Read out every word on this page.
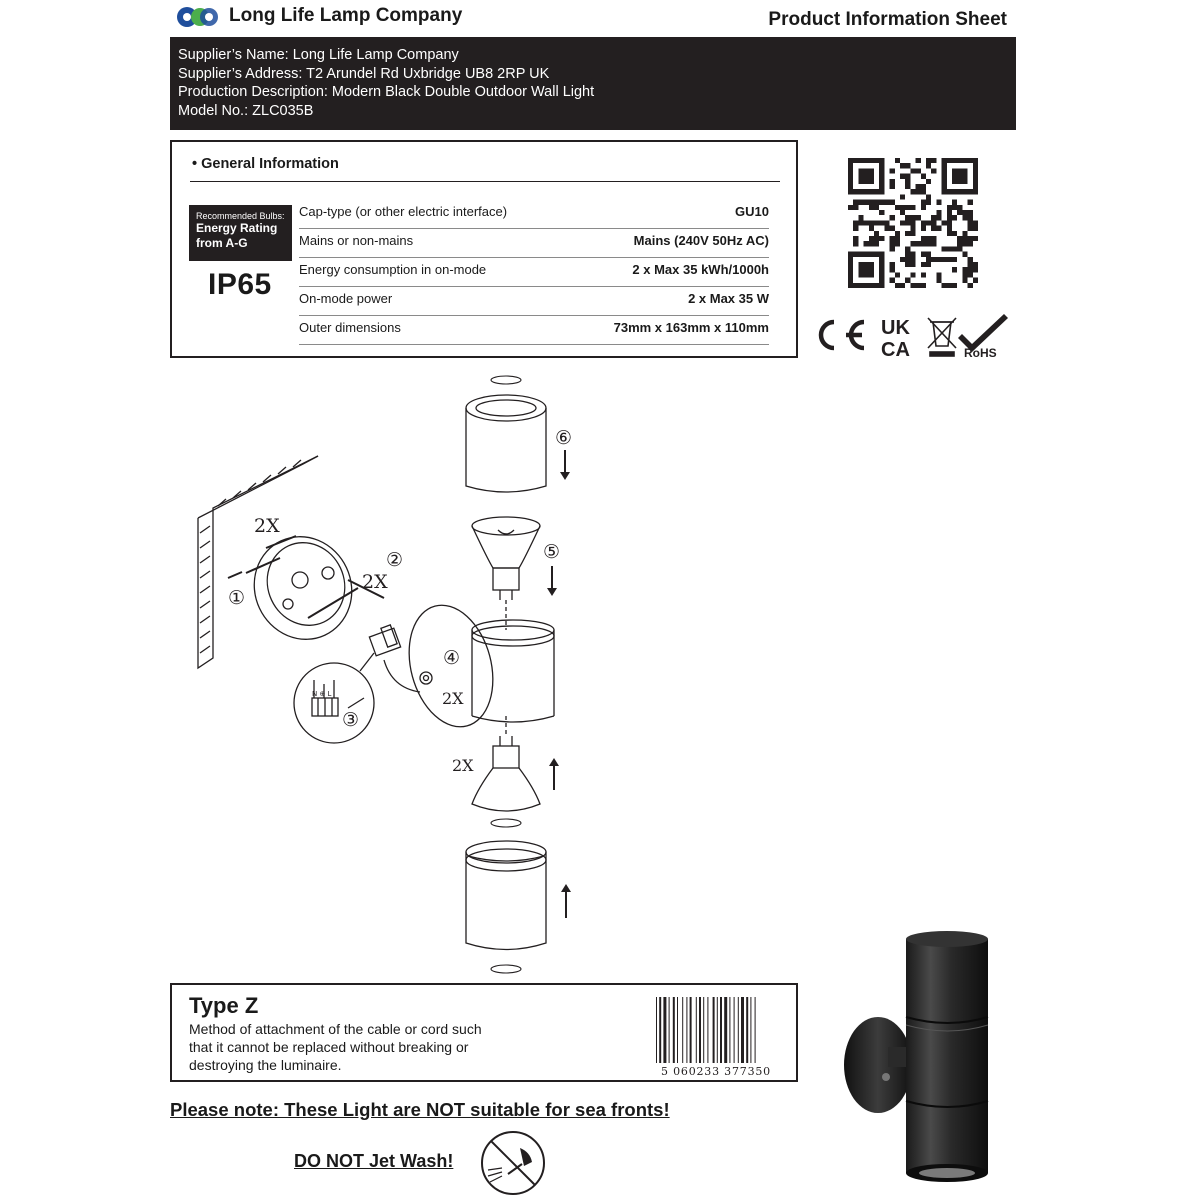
Long Life Lamp Company	Product Information Sheet
Supplier’s Name: Long Life Lamp Company
Supplier’s Address: T2 Arundel Rd Uxbridge UB8 2RP UK
Production Description: Modern Black Double Outdoor Wall Light
Model No.: ZLC035B
• General Information
Recommended Bulbs:
Energy Rating
from A-G
IP65
Cap-type (or other electric interface)	GU10
Mains or non-mains	Mains (240V 50Hz AC)
Energy consumption in on-mode	2 x Max 35 kWh/1000h
On-mode power	2 x Max 35 W
Outer dimensions	73mm x 163mm x 110mm	UK
CA	RoHS
①
②
③
④
⑤
⑥
2X
2X
2X
2X
N ⊕ L
Type Z
Method of attachment of the cable or cord such
that it cannot be replaced without breaking or
destroying the luminaire.	5 060233 377350
Please note: These Light are NOT suitable for sea fronts!
DO NOT Jet Wash!
